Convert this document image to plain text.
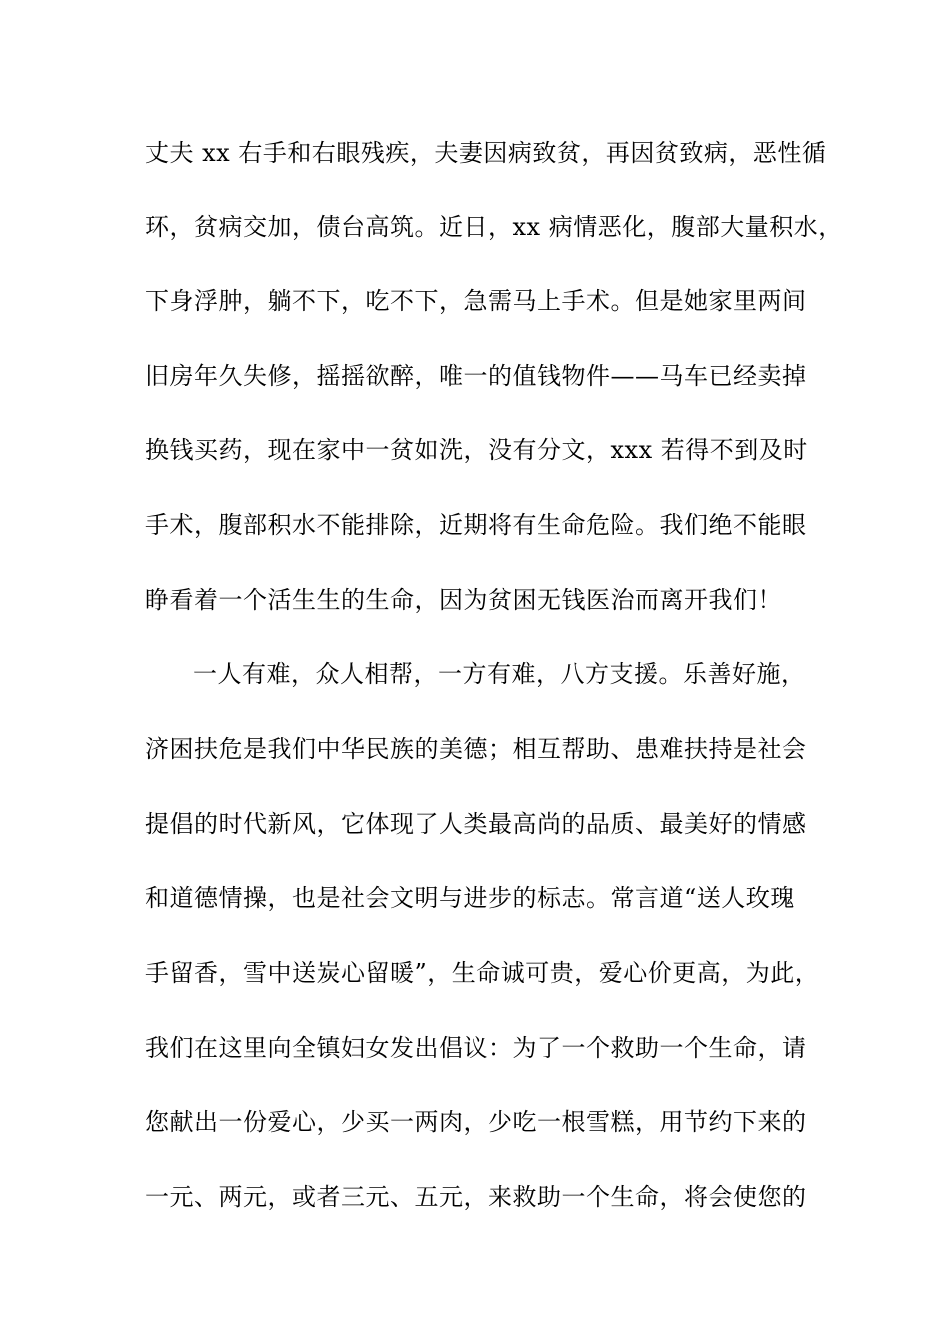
丈夫 xx 右手和右眼残疾，夫妻因病致贫，再因贫致病，恶性循
环，贫病交加，债台高筑。近日，xx 病情恶化，腹部大量积水，
下身浮肿，躺不下，吃不下，急需马上手术。但是她家里两间
旧房年久失修，摇摇欲醉，唯一的值钱物件——马车已经卖掉
换钱买药，现在家中一贫如洗，没有分文，xxx 若得不到及时
手术，腹部积水不能排除，近期将有生命危险。我们绝不能眼
睁看着一个活生生的生命，因为贫困无钱医治而离开我们！
一人有难，众人相帮，一方有难，八方支援。乐善好施，
济困扶危是我们中华民族的美德；相互帮助、患难扶持是社会
提倡的时代新风，它体现了人类最高尚的品质、最美好的情感
和道德情操，也是社会文明与进步的标志。常言道“送人玫瑰
手留香，雪中送炭心留暖”，生命诚可贵，爱心价更高，为此，
我们在这里向全镇妇女发出倡议：为了一个救助一个生命，请
您献出一份爱心，少买一两肉，少吃一根雪糕，用节约下来的
一元、两元，或者三元、五元，来救助一个生命，将会使您的
